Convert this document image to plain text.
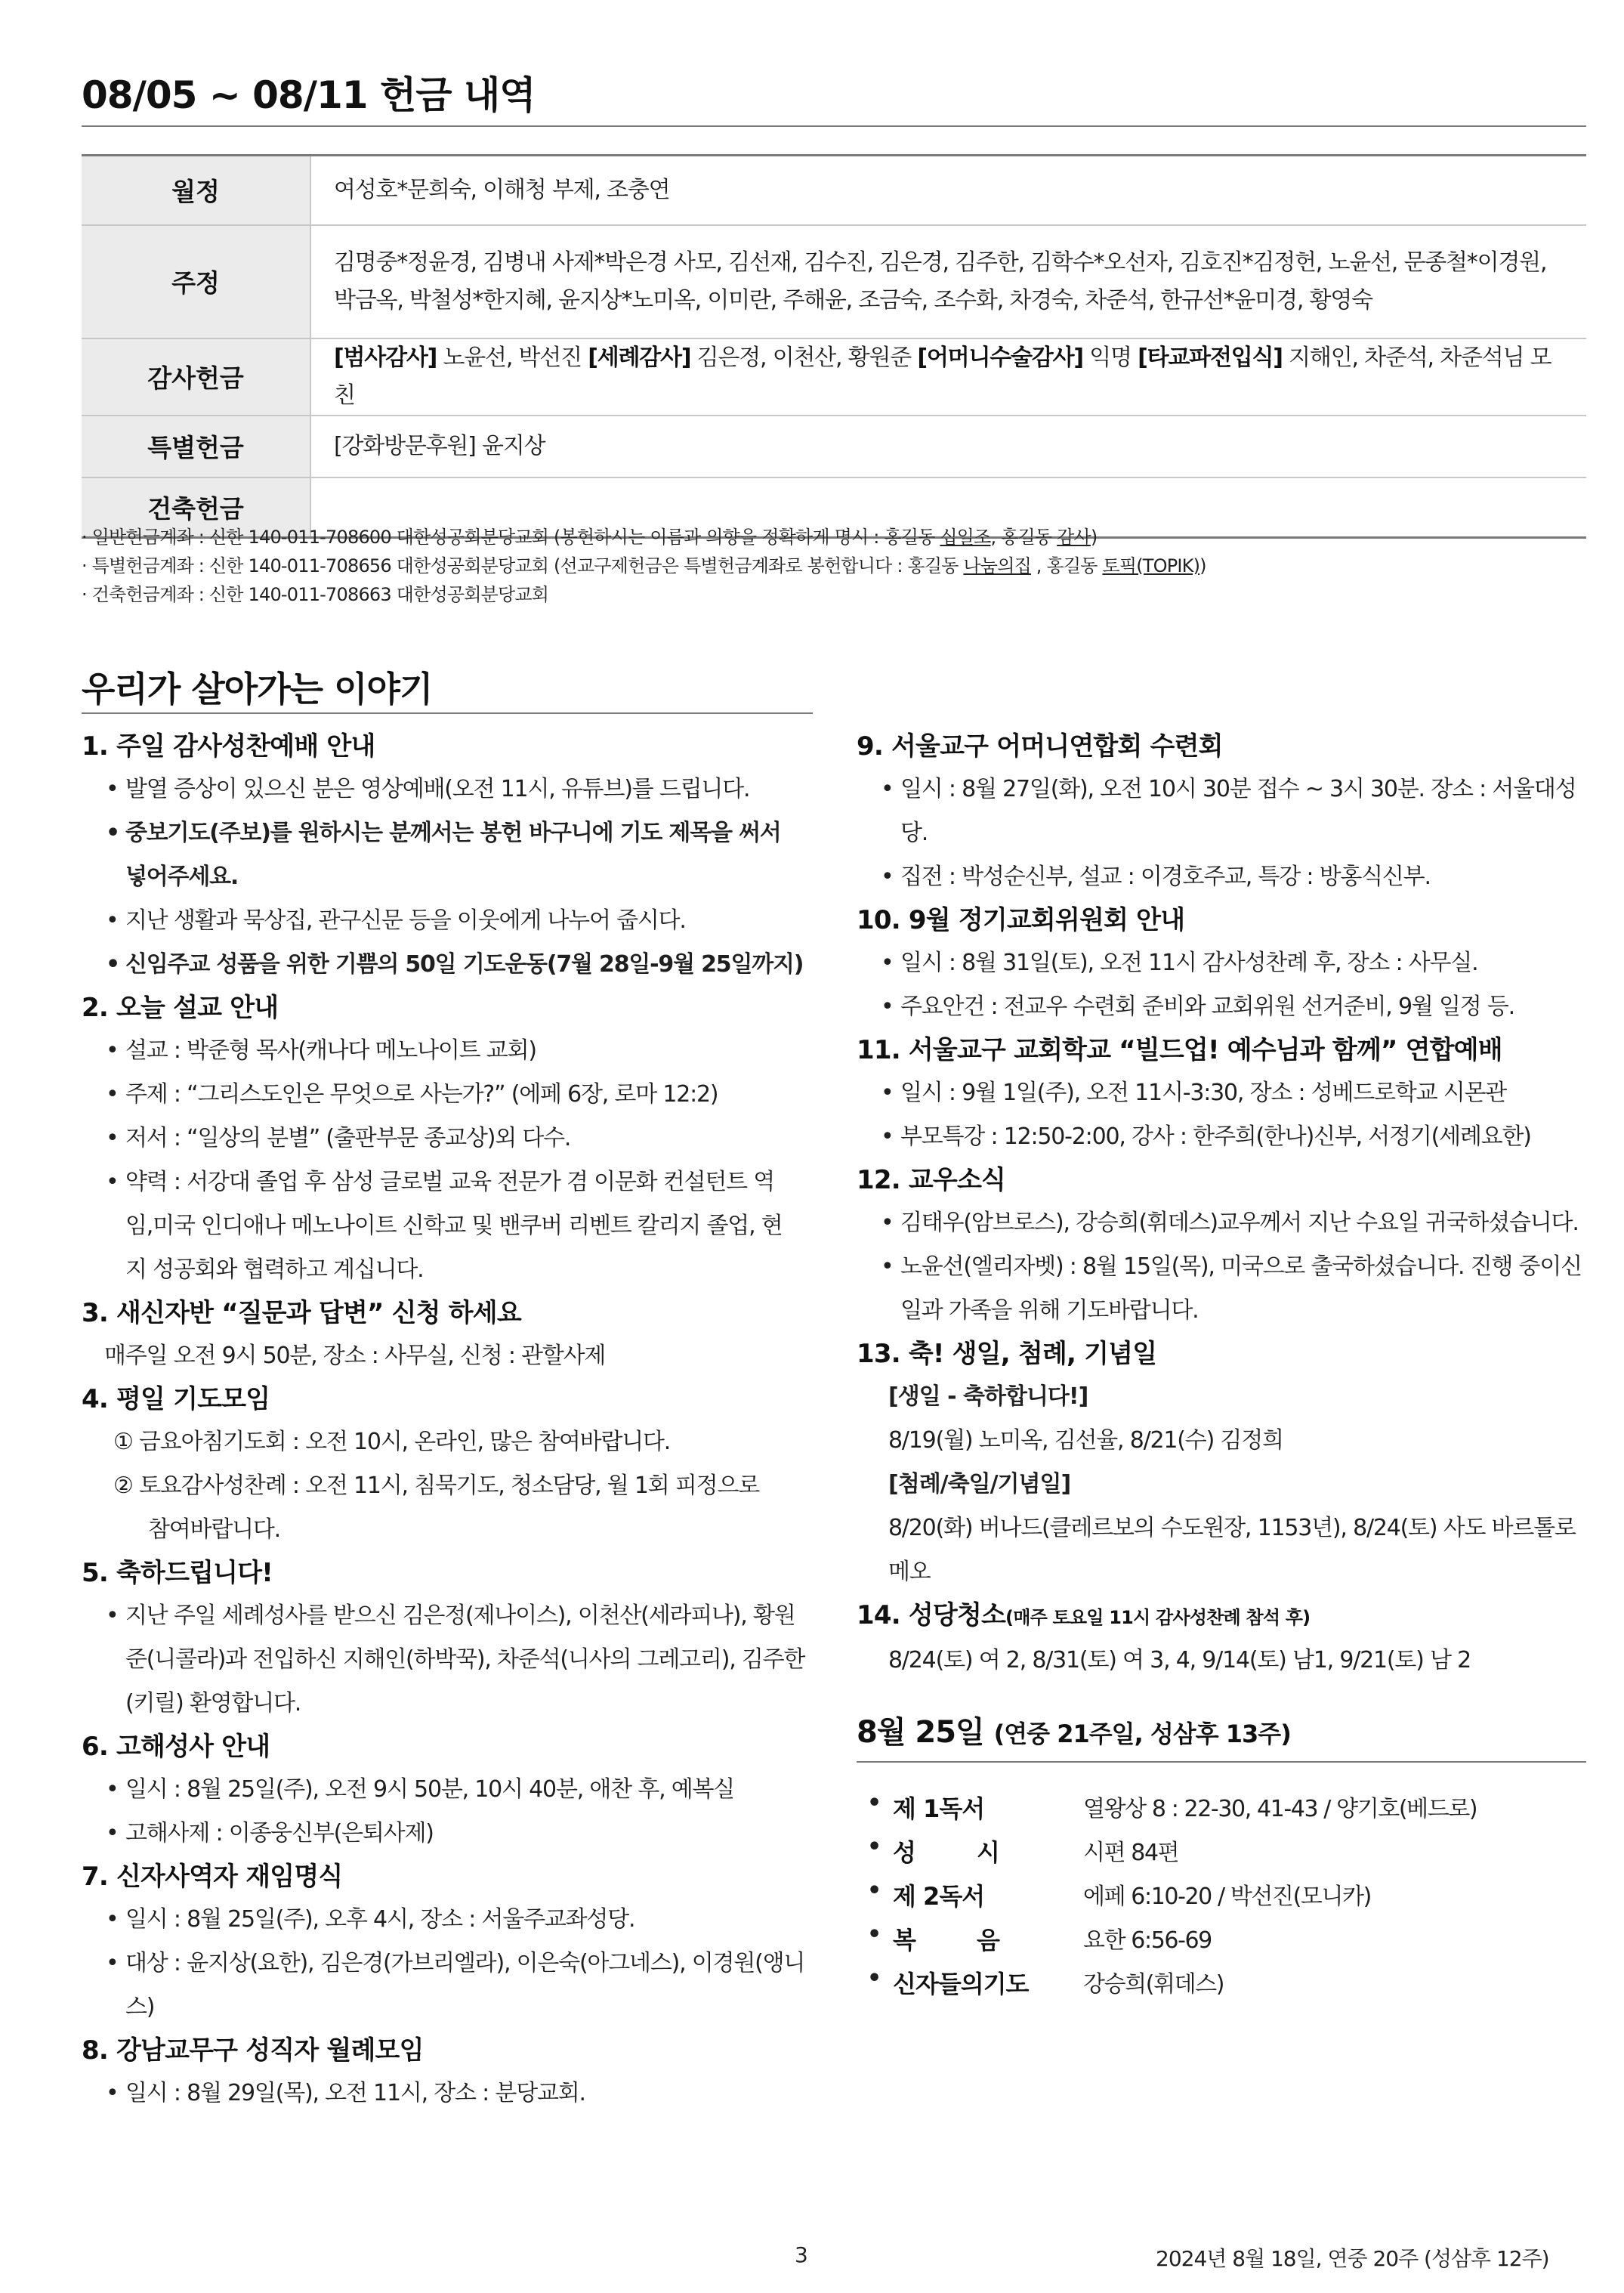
08/05 ~ 08/11 헌금 내역
월정	여성호*문희숙, 이해청 부제, 조충연
주정	김명중*정윤경, 김병내 사제*박은경 사모, 김선재, 김수진, 김은경, 김주한, 김학수*오선자, 김호진*김정헌, 노윤선, 문종철*이경원, 박금옥, 박철성*한지혜, 윤지상*노미옥, 이미란, 주해윤, 조금숙, 조수화, 차경숙, 차준석, 한규선*윤미경, 황영숙
감사헌금	[범사감사] 노윤선, 박선진 [세례감사] 김은정, 이천산, 황원준 [어머니수술감사] 익명 [타교파전입식] 지해인, 차준석, 차준석님 모친
특별헌금	[강화방문후원] 윤지상
건축헌금	
· 일반헌금계좌 : 신한 140-011-708600 대한성공회분당교회 (봉헌하시는 이름과 의향을 정확하게 명시 : 홍길동 십일조, 홍길동 감사)
· 특별헌금계좌 : 신한 140-011-708656 대한성공회분당교회 (선교구제헌금은 특별헌금계좌로 봉헌합니다 : 홍길동 나눔의집 , 홍길동 토픽(TOPIK))
· 건축헌금계좌 : 신한 140-011-708663 대한성공회분당교회
우리가 살아가는 이야기
1. 주일 감사성찬예배 안내
• 발열 증상이 있으신 분은 영상예배(오전 11시, 유튜브)를 드립니다.
• 중보기도(주보)를 원하시는 분께서는 봉헌 바구니에 기도 제목을 써서
넣어주세요.
• 지난 생활과 묵상집, 관구신문 등을 이웃에게 나누어 줍시다.
• 신임주교 성품을 위한 기쁨의 50일 기도운동(7월 28일-9월 25일까지)
2. 오늘 설교 안내
• 설교 : 박준형 목사(캐나다 메노나이트 교회)
• 주제 : “그리스도인은 무엇으로 사는가?” (에페 6장, 로마 12:2)
• 저서 : “일상의 분별” (출판부문 종교상)외 다수.
• 약력 : 서강대 졸업 후 삼성 글로벌 교육 전문가 겸 이문화 컨설턴트 역
임,미국 인디애나 메노나이트 신학교 및 밴쿠버 리벤트 칼리지 졸업, 현
지 성공회와 협력하고 계십니다.
3. 새신자반 “질문과 답변” 신청 하세요
매주일 오전 9시 50분, 장소 : 사무실, 신청 : 관할사제
4. 평일 기도모임
① 금요아침기도회 : 오전 10시, 온라인, 많은 참여바랍니다.
② 토요감사성찬례 : 오전 11시, 침묵기도, 청소담당, 월 1회 피정으로
참여바랍니다.
5. 축하드립니다!
• 지난 주일 세례성사를 받으신 김은정(제나이스), 이천산(세라피나), 황원
준(니콜라)과 전입하신 지해인(하박꾹), 차준석(니사의 그레고리), 김주한
(키릴) 환영합니다.
6. 고해성사 안내
• 일시 : 8월 25일(주), 오전 9시 50분, 10시 40분, 애찬 후, 예복실
• 고해사제 : 이종웅신부(은퇴사제)
7. 신자사역자 재임명식
• 일시 : 8월 25일(주), 오후 4시, 장소 : 서울주교좌성당.
• 대상 : 윤지상(요한), 김은경(가브리엘라), 이은숙(아그네스), 이경원(앵니
스)
8. 강남교무구 성직자 월례모임
• 일시 : 8월 29일(목), 오전 11시, 장소 : 분당교회.
9. 서울교구 어머니연합회 수련회
• 일시 : 8월 27일(화), 오전 10시 30분 접수 ~ 3시 30분. 장소 : 서울대성당.
• 집전 : 박성순신부, 설교 : 이경호주교, 특강 : 방홍식신부.
10. 9월 정기교회위원회 안내
• 일시 : 8월 31일(토), 오전 11시 감사성찬례 후, 장소 : 사무실.
• 주요안건 : 전교우 수련회 준비와 교회위원 선거준비, 9월 일정 등.
11. 서울교구 교회학교 “빌드업! 예수님과 함께” 연합예배
• 일시 : 9월 1일(주), 오전 11시-3:30, 장소 : 성베드로학교 시몬관
• 부모특강 : 12:50-2:00, 강사 : 한주희(한나)신부, 서정기(세례요한)
12. 교우소식
• 김태우(암브로스), 강승희(휘데스)교우께서 지난 수요일 귀국하셨습니다.
• 노윤선(엘리자벳) : 8월 15일(목), 미국으로 출국하셨습니다. 진행 중이신
일과 가족을 위해 기도바랍니다.
13. 축! 생일, 첨례, 기념일
[생일 - 축하합니다!]
8/19(월) 노미옥, 김선율, 8/21(수) 김정희
[첨례/축일/기념일]
8/20(화) 버나드(클레르보의 수도원장, 1153년), 8/24(토) 사도 바르톨로메오
14. 성당청소(매주 토요일 11시 감사성찬례 참석 후)
8/24(토) 여 2, 8/31(토) 여 3, 4, 9/14(토) 남1, 9/21(토) 남 2
8월 25일 (연중 21주일, 성삼후 13주)
• 제 1독서	열왕상 8 : 22-30, 41-43 / 양기호(베드로)
• 성        시	시편 84편
• 제 2독서	에페 6:10-20 / 박선진(모니카)
• 복        음	요한 6:56-69
• 신자들의기도 강승희(휘데스)
3	2024년 8월 18일, 연중 20주 (성삼후 12주)
